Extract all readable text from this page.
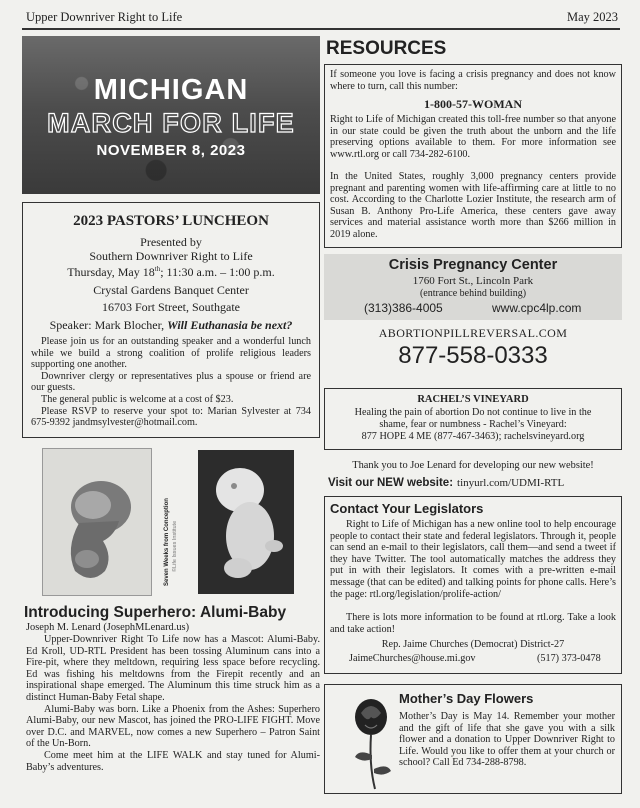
Upper Downriver Right to Life	May 2023
MICHIGAN
MARCH FOR LIFE
NOVEMBER 8, 2023
2023 PASTORS’ LUNCHEON
Presented by
Southern Downriver Right to Life
Thursday, May 18th; 11:30 a.m. – 1:00 p.m.
Crystal Gardens Banquet Center
16703 Fort Street, Southgate
Speaker: Mark Blocher, Will Euthanasia be next?

Please join us for an outstanding speaker and a wonderful lunch while we build a strong coalition of prolife religious leaders supporting one another.

Downriver clergy or representatives plus a spouse or friend are our guests.

The general public is welcome at a cost of $23.

Please RSVP to reserve your spot to: Marian Sylvester at 734 675-9392 jandmsylvester@hotmail.com.

Seven Weeks from Conception ©Life Issues Institute
Introducing Superhero: Alumi-Baby
Joseph M. Lenard (JosephMLenard.us)

Upper-Downriver Right To Life now has a Mascot: Alumi-Baby. Ed Kroll, UD-RTL President has been tossing Aluminum cans into a Fire-pit, where they meltdown, requiring less space before recycling. Ed was fishing his meltdowns from the Firepit recently and an inspirational shape emerged. The Aluminum this time struck him as a distinct Human-Baby Fetal shape.

Alumi-Baby was born. Like a Phoenix from the Ashes: Superhero Alumi-Baby, our new Mascot, has joined the PRO-LIFE FIGHT. Move over D.C. and MARVEL, now comes a new Superhero – Patron Saint of the Un-Born.

Come meet him at the LIFE WALK and stay tuned for Alumi-Baby’s adventures.

RESOURCES

If someone you love is facing a crisis pregnancy and does not know where to turn, call this number:

1-800-57-WOMAN

Right to Life of Michigan created this toll-free number so that anyone in our state could be given the truth about the unborn and the life preserving options available to them. For more information see www.rtl.org or call 734-282-6100.

In the United States, roughly 3,000 pregnancy centers provide pregnant and parenting women with life-affirming care at little to no cost. According to the Charlotte Lozier Institute, the research arm of Susan B. Anthony Pro-Life America, these centers gave away services and material assistance worth more than $266 million in 2019 alone.

Crisis Pregnancy Center
1760 Fort St., Lincoln Park
(entrance behind building)
(313)386-4005	www.cpc4lp.com
ABORTIONPILLREVERSAL.COM
877-558-0333
RACHEL’S VINEYARD
Healing the pain of abortion Do not continue to live in the
shame, fear or numbness - Rachel’s Vineyard:
877 HOPE 4 ME (877-467-3463); rachelsvineyard.org
Thank you to Joe Lenard for developing our new website!
Visit our NEW website: tinyurl.com/UDMI-RTL
Contact Your Legislators

Right to Life of Michigan has a new online tool to help encourage people to contact their state and federal legislators. Through it, people can send an e-mail to their legislators, call them—and send a tweet if they have Twitter. The tool automatically matches the address they put in with their legislators. It comes with a pre-written e-mail message (that can be edited) and talking points for phone calls. Here’s the page: rtl.org/legislation/prolife-action/

There is lots more information to be found at rtl.org. Take a look and take action!

Rep. Jaime Churches (Democrat) District-27
JaimeChurches@house.mi.gov	(517) 373-0478
Mother’s Day Flowers

Mother’s Day is May 14. Remember your mother and the gift of life that she gave you with a silk flower and a donation to Upper Downriver Right to Life. Would you like to offer them at your church or school? Call Ed 734-288-8798.
